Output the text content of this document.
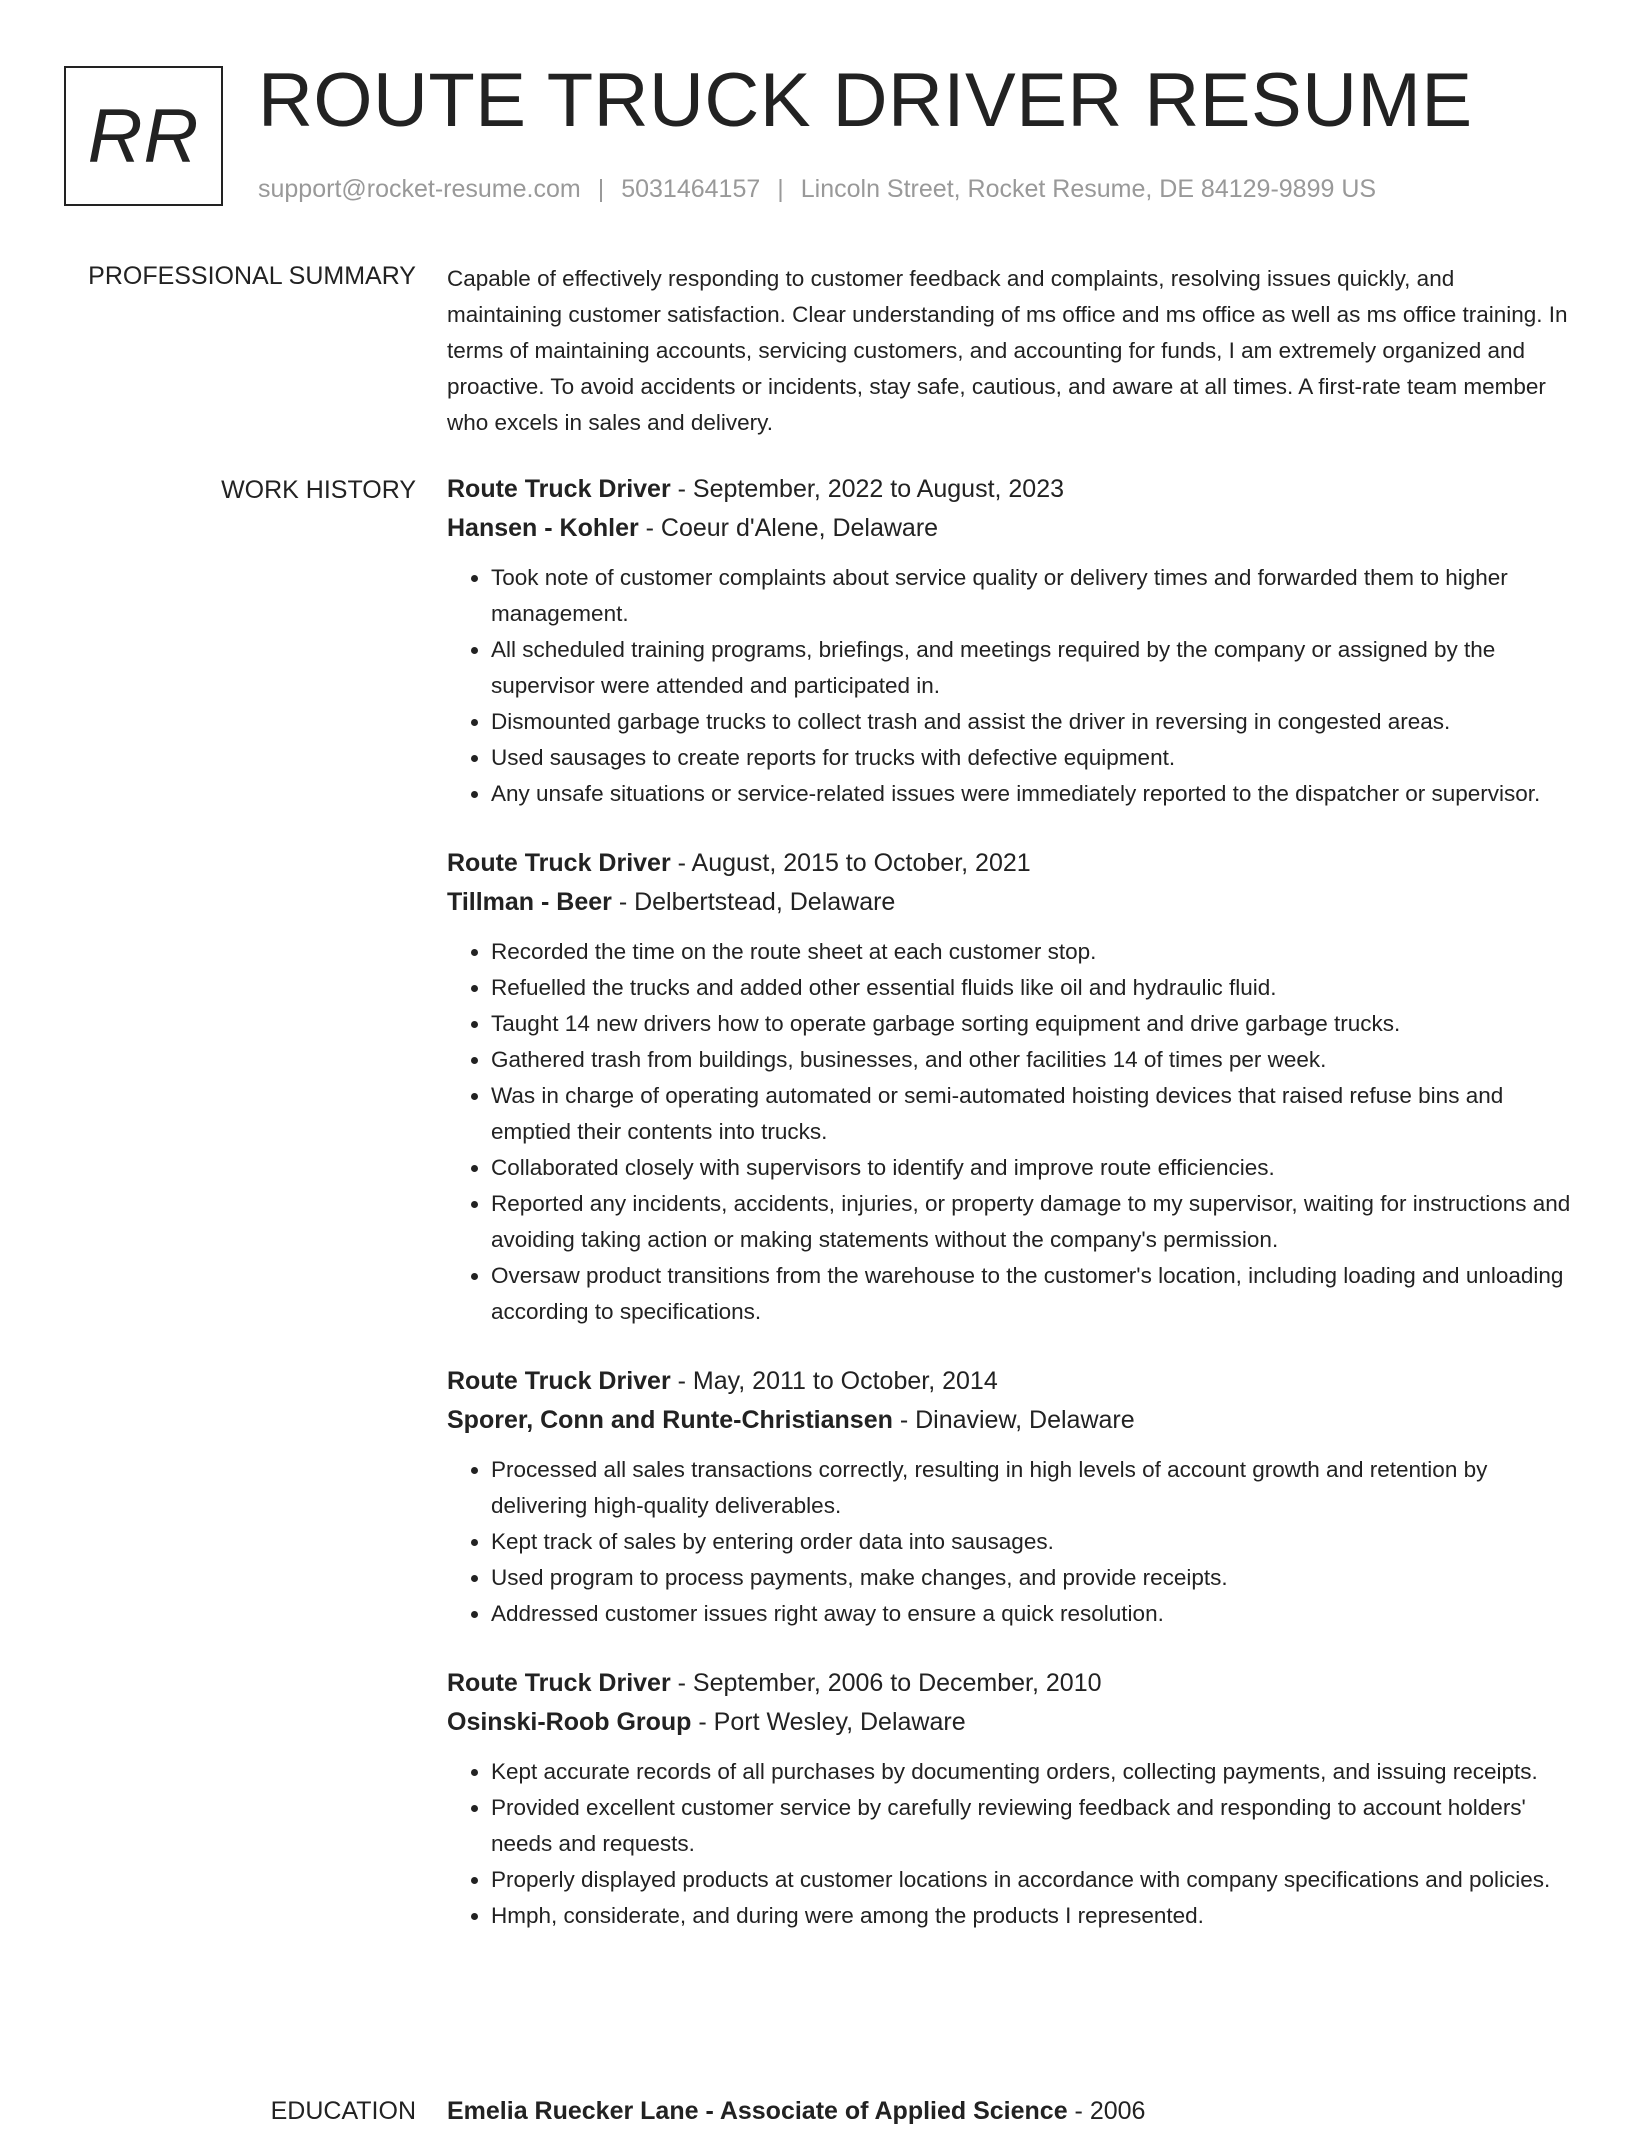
RR ROUTE TRUCK DRIVER RESUME
support@rocket-resume.com | 5031464157 | Lincoln Street, Rocket Resume, DE 84129-9899 US
PROFESSIONAL SUMMARY Capable of effectively responding to customer feedback and complaints, resolving issues quickly, and maintaining customer satisfaction. Clear understanding of ms office and ms office as well as ms office training. In terms of maintaining accounts, servicing customers, and accounting for funds, I am extremely organized and proactive. To avoid accidents or incidents, stay safe, cautious, and aware at all times. A first-rate team member who excels in sales and delivery.

WORK HISTORY Route Truck Driver - September, 2022 to August, 2023
Hansen - Kohler - Coeur d'Alene, Delaware
• Took note of customer complaints about service quality or delivery times and forwarded them to higher management.
• All scheduled training programs, briefings, and meetings required by the company or assigned by the supervisor were attended and participated in.
• Dismounted garbage trucks to collect trash and assist the driver in reversing in congested areas.
• Used sausages to create reports for trucks with defective equipment.
• Any unsafe situations or service-related issues were immediately reported to the dispatcher or supervisor.
Route Truck Driver - August, 2015 to October, 2021
Tillman - Beer - Delbertstead, Delaware
• Recorded the time on the route sheet at each customer stop.
• Refuelled the trucks and added other essential fluids like oil and hydraulic fluid.
• Taught 14 new drivers how to operate garbage sorting equipment and drive garbage trucks.
• Gathered trash from buildings, businesses, and other facilities 14 of times per week.
• Was in charge of operating automated or semi-automated hoisting devices that raised refuse bins and emptied their contents into trucks.
• Collaborated closely with supervisors to identify and improve route efficiencies.
• Reported any incidents, accidents, injuries, or property damage to my supervisor, waiting for instructions and avoiding taking action or making statements without the company's permission.
• Oversaw product transitions from the warehouse to the customer's location, including loading and unloading according to specifications.
Route Truck Driver - May, 2011 to October, 2014
Sporer, Conn and Runte-Christiansen - Dinaview, Delaware
• Processed all sales transactions correctly, resulting in high levels of account growth and retention by delivering high-quality deliverables.
• Kept track of sales by entering order data into sausages.
• Used program to process payments, make changes, and provide receipts.
• Addressed customer issues right away to ensure a quick resolution.
Route Truck Driver - September, 2006 to December, 2010
Osinski-Roob Group - Port Wesley, Delaware
• Kept accurate records of all purchases by documenting orders, collecting payments, and issuing receipts.
• Provided excellent customer service by carefully reviewing feedback and responding to account holders' needs and requests.
• Properly displayed products at customer locations in accordance with company specifications and policies.
• Hmph, considerate, and during were among the products I represented.
EDUCATION Emelia Ruecker Lane - Associate of Applied Science - 2006
